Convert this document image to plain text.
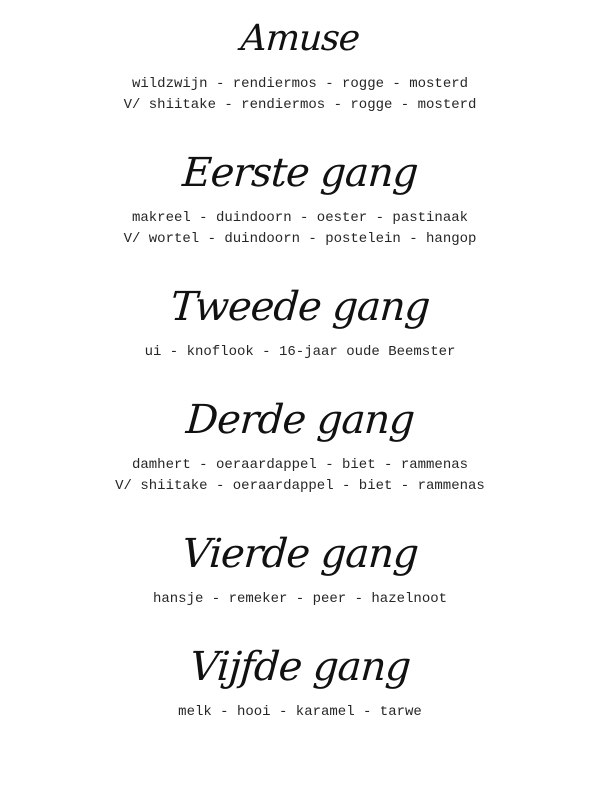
Amuse

wildzwijn - rendiermos - rogge - mosterd

V/ shiitake - rendiermos - rogge - mosterd

Eerste gang

makreel - duindoorn - oester - pastinaak

V/ wortel - duindoorn - postelein - hangop

Tweede gang

ui - knoflook - 16-jaar oude Beemster

Derde gang

damhert - oeraardappel - biet - rammenas

V/ shiitake - oeraardappel - biet - rammenas

Vierde gang

hansje - remeker - peer - hazelnoot

Vijfde gang

melk - hooi - karamel - tarwe
